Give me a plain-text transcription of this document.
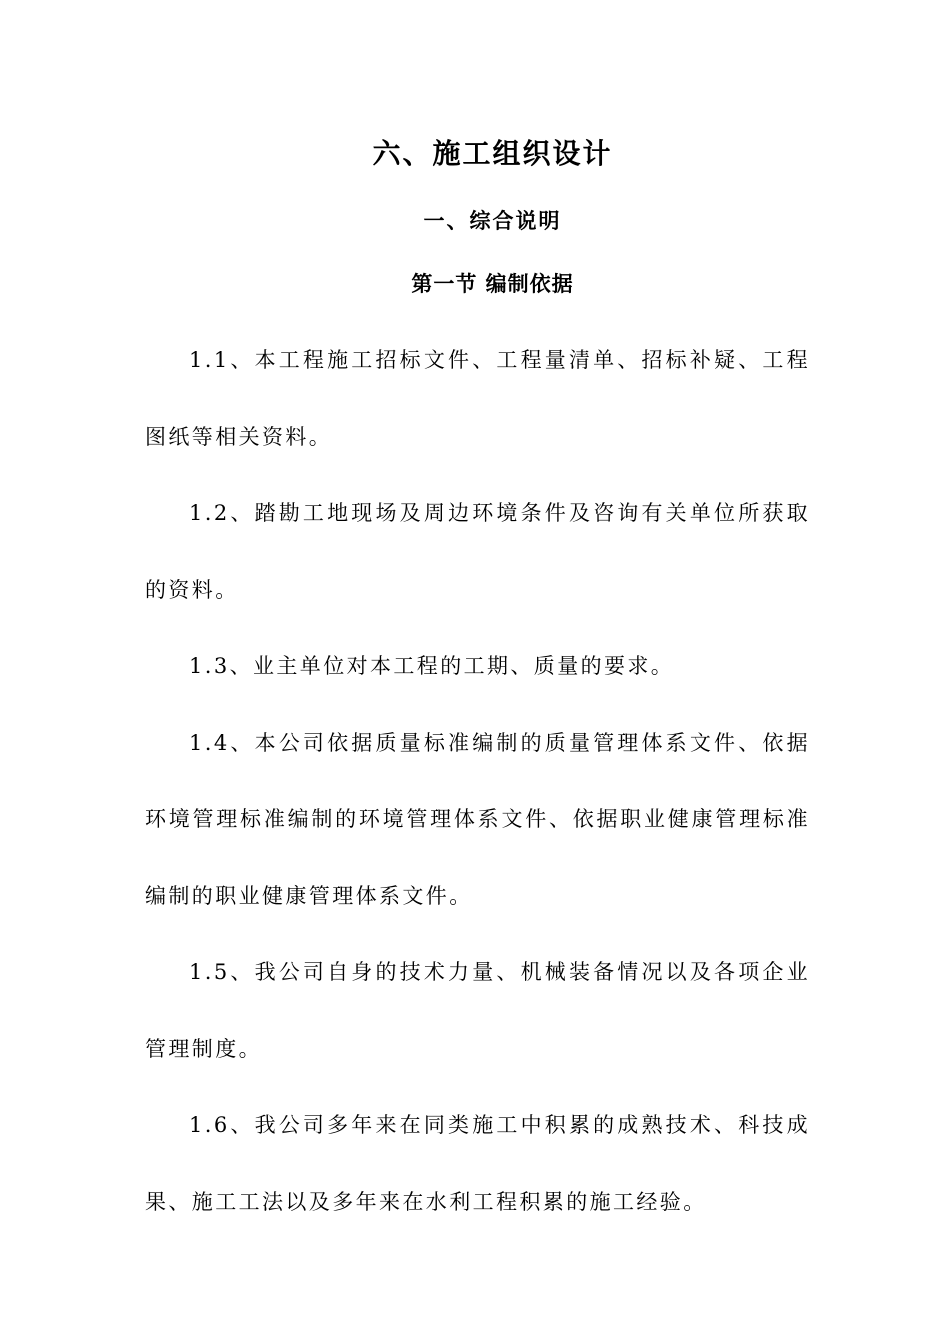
六、施工组织设计
一、综合说明
第一节 编制依据

1.1、本工程施工招标文件、工程量清单、招标补疑、工程图纸等相关资料。

1.2、踏勘工地现场及周边环境条件及咨询有关单位所获取的资料。

1.3、业主单位对本工程的工期、质量的要求。

1.4、本公司依据质量标准编制的质量管理体系文件、依据环境管理标准编制的环境管理体系文件、依据职业健康管理标准编制的职业健康管理体系文件。

1.5、我公司自身的技术力量、机械装备情况以及各项企业管理制度。

1.6、我公司多年来在同类施工中积累的成熟技术、科技成果、施工工法以及多年来在水利工程积累的施工经验。
